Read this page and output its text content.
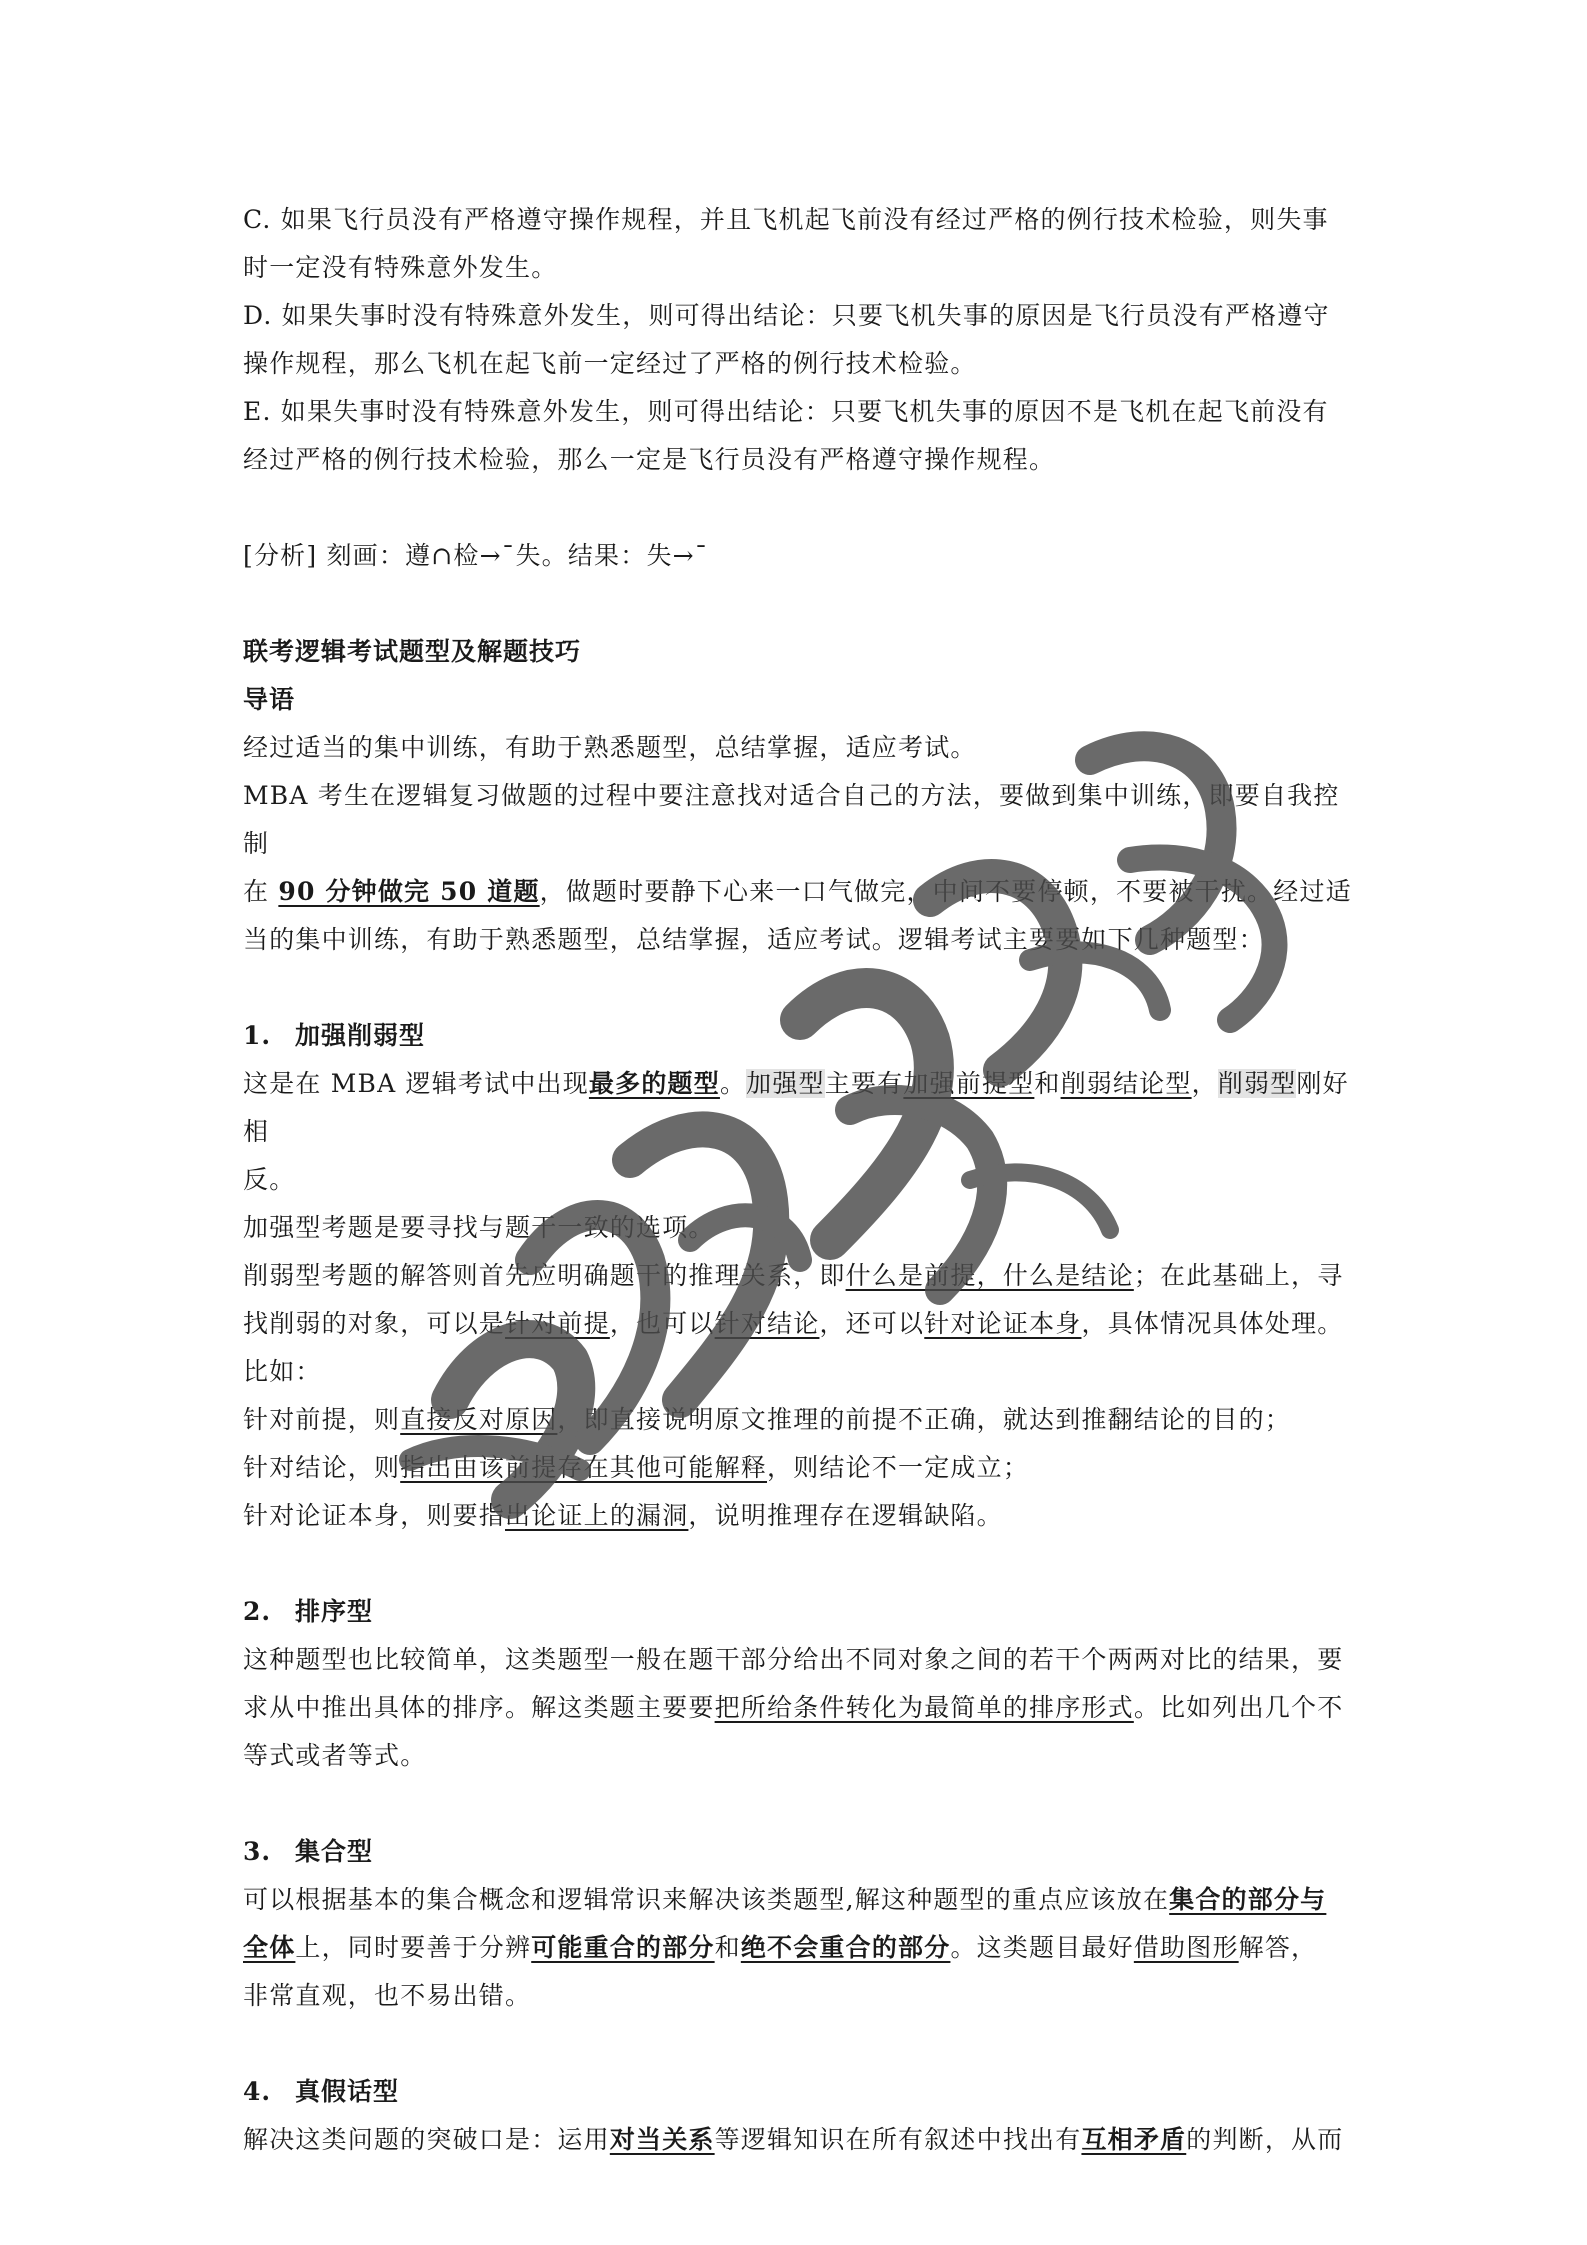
C. 如果飞行员没有严格遵守操作规程，并且飞机起飞前没有经过严格的例行技术检验，则失事
时一定没有特殊意外发生。

D. 如果失事时没有特殊意外发生，则可得出结论：只要飞机失事的原因是飞行员没有严格遵守
操作规程，那么飞机在起飞前一定经过了严格的例行技术检验。

E. 如果失事时没有特殊意外发生，则可得出结论：只要飞机失事的原因不是飞机在起飞前没有
经过严格的例行技术检验，那么一定是飞行员没有严格遵守操作规程。

[分析] 刻画：遵∩检→ˉ失。结果：失→ˉ

联考逻辑考试题型及解题技巧

导语

经过适当的集中训练，有助于熟悉题型，总结掌握，适应考试。

MBA 考生在逻辑复习做题的过程中要注意找对适合自己的方法，要做到集中训练，即要自我控制
在 90 分钟做完 50 道题，做题时要静下心来一口气做完，中间不要停顿，不要被干扰。经过适
当的集中训练，有助于熟悉题型，总结掌握，适应考试。逻辑考试主要要如下几种题型：

1. 加强削弱型

这是在 MBA 逻辑考试中出现最多的题型。加强型主要有加强前提型和削弱结论型，削弱型刚好相
反。

加强型考题是要寻找与题干一致的选项。

削弱型考题的解答则首先应明确题干的推理关系，即什么是前提，什么是结论；在此基础上，寻
找削弱的对象，可以是针对前提，也可以针对结论，还可以针对论证本身，具体情况具体处理。
比如：

针对前提，则直接反对原因，即直接说明原文推理的前提不正确，就达到推翻结论的目的；

针对结论，则指出由该前提存在其他可能解释，则结论不一定成立；

针对论证本身，则要指出论证上的漏洞，说明推理存在逻辑缺陷。

2. 排序型

这种题型也比较简单，这类题型一般在题干部分给出不同对象之间的若干个两两对比的结果，要
求从中推出具体的排序。解这类题主要要把所给条件转化为最简单的排序形式。比如列出几个不
等式或者等式。

3. 集合型

可以根据基本的集合概念和逻辑常识来解决该类题型,解这种题型的重点应该放在集合的部分与
全体上，同时要善于分辨可能重合的部分和绝不会重合的部分。这类题目最好借助图形解答，
非常直观，也不易出错。

4. 真假话型

解决这类问题的突破口是：运用对当关系等逻辑知识在所有叙述中找出有互相矛盾的判断，从而
